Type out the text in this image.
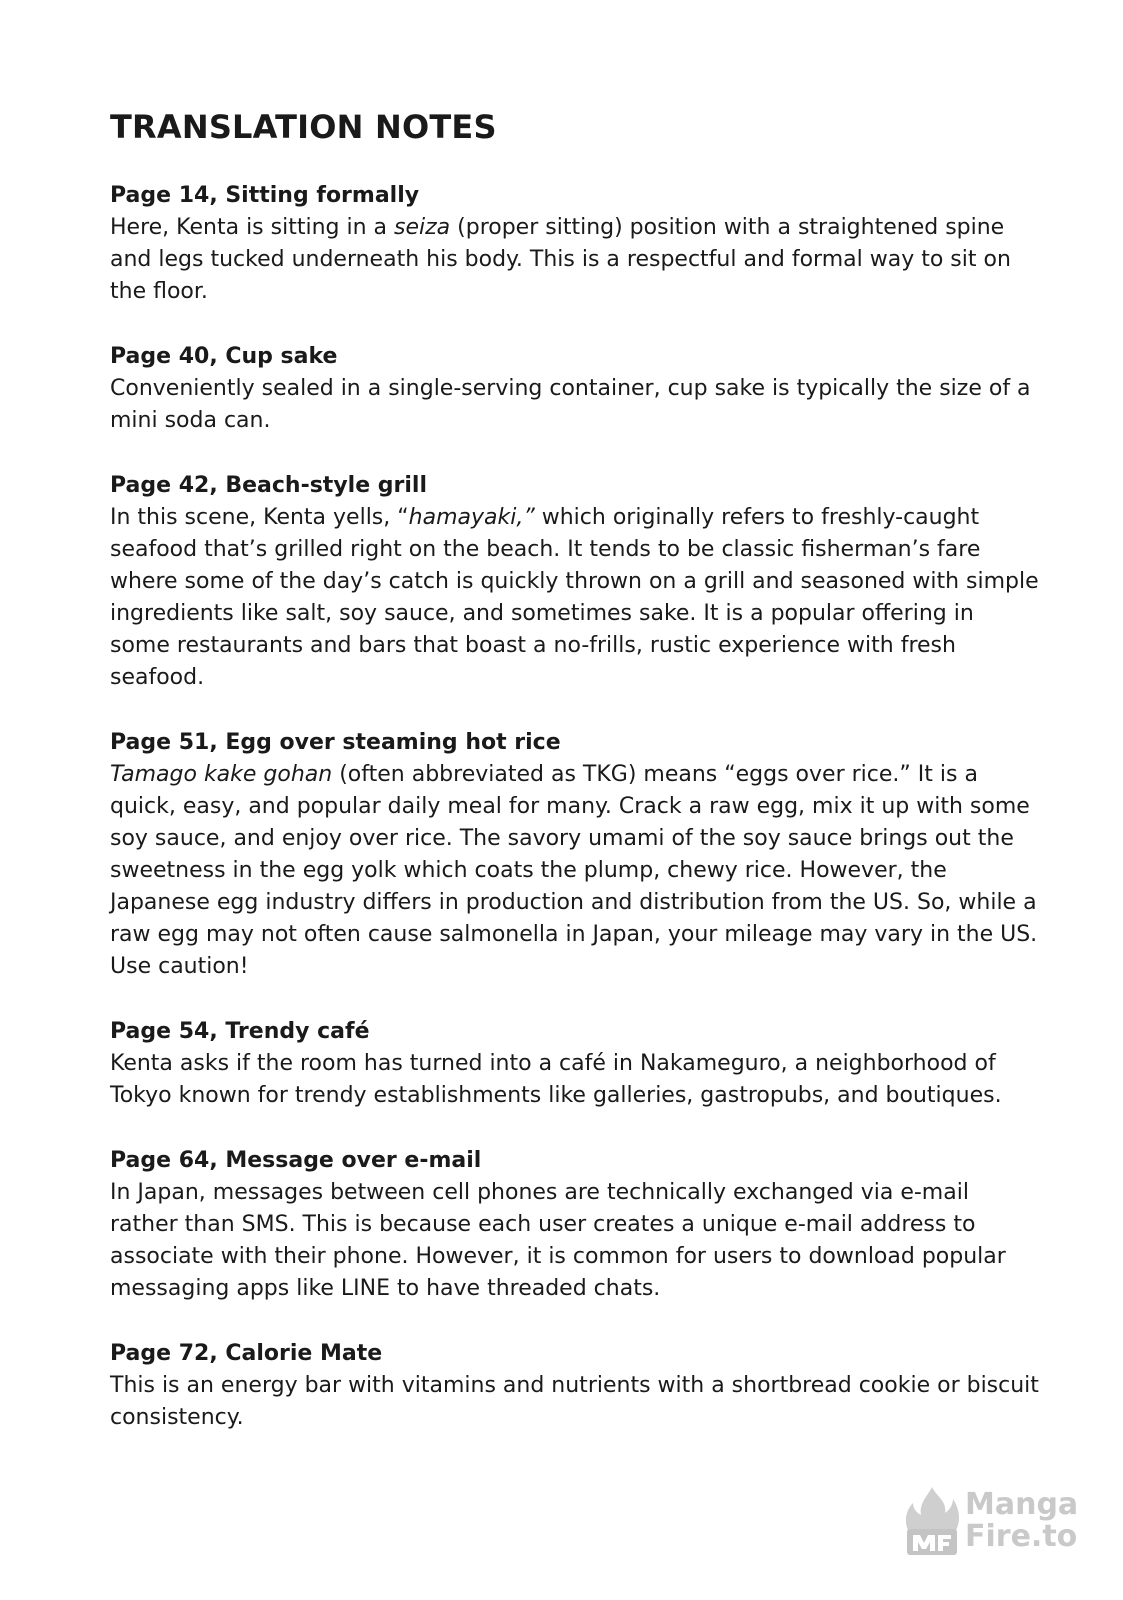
TRANSLATION NOTES
Page 14, Sitting formally

Here, Kenta is sitting in a seiza (proper sitting) position with a straightened spine and legs tucked underneath his body. This is a respectful and formal way to sit on the floor.

Page 40, Cup sake

Conveniently sealed in a single-serving container, cup sake is typically the size of a mini soda can.

Page 42, Beach-style grill

In this scene, Kenta yells, “hamayaki,” which originally refers to freshly-caught seafood that’s grilled right on the beach. It tends to be classic fisherman’s fare where some of the day’s catch is quickly thrown on a grill and seasoned with simple ingredients like salt, soy sauce, and sometimes sake. It is a popular offering in some restaurants and bars that boast a no-frills, rustic experience with fresh seafood.

Page 51, Egg over steaming hot rice

Tamago kake gohan (often abbreviated as TKG) means “eggs over rice.” It is a quick, easy, and popular daily meal for many. Crack a raw egg, mix it up with some soy sauce, and enjoy over rice. The savory umami of the soy sauce brings out the sweetness in the egg yolk which coats the plump, chewy rice. However, the Japanese egg industry differs in production and distribution from the US. So, while a raw egg may not often cause salmonella in Japan, your mileage may vary in the US. Use caution!

Page 54, Trendy café

Kenta asks if the room has turned into a café in Nakameguro, a neighborhood of Tokyo known for trendy establishments like galleries, gastropubs, and boutiques.

Page 64, Message over e-mail

In Japan, messages between cell phones are technically exchanged via e-mail rather than SMS. This is because each user creates a unique e-mail address to associate with their phone. However, it is common for users to download popular messaging apps like LINE to have threaded chats.

Page 72, Calorie Mate

This is an energy bar with vitamins and nutrients with a shortbread cookie or biscuit consistency.

Manga
Fire.to
